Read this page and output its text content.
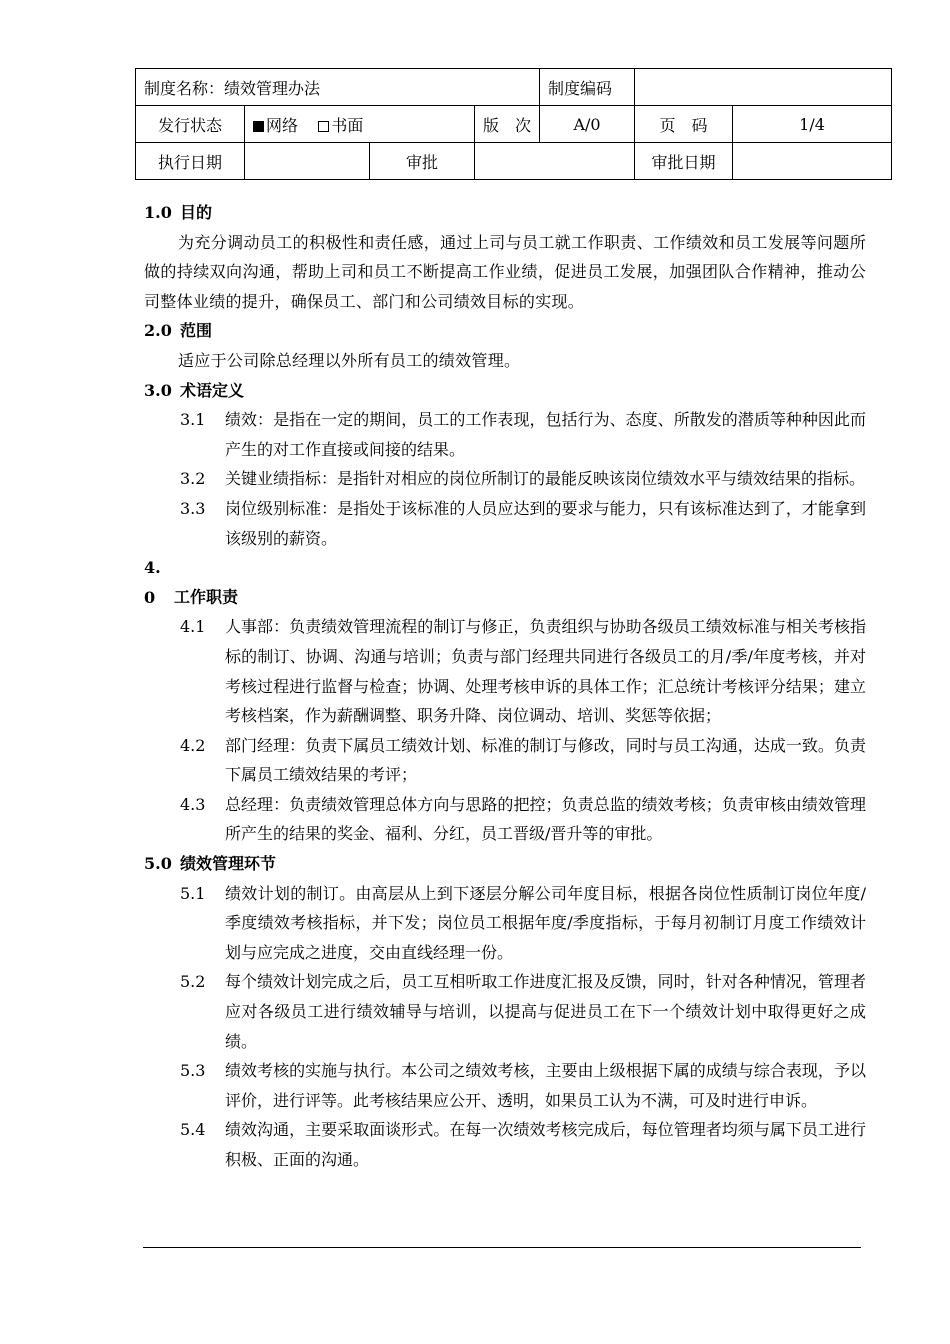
制度名称：绩效管理办法				制度编码		
发行状态	网络 书面		版　次	A/0	页　码	1/4
执行日期		审批			审批日期	
1.0 目的
为充分调动员工的积极性和责任感，通过上司与员工就工作职责、工作绩效和员工发展等问题所做的持续双向沟通，帮助上司和员工不断提高工作业绩，促进员工发展，加强团队合作精神，推动公司整体业绩的提升，确保员工、部门和公司绩效目标的实现。
2.0 范围
适应于公司除总经理以外所有员工的绩效管理。
3.0 术语定义
3.1	绩效：是指在一定的期间，员工的工作表现，包括行为、态度、所散发的潜质等种种因此而产生的对工作直接或间接的结果。
3.2	关键业绩指标：是指针对相应的岗位所制订的最能反映该岗位绩效水平与绩效结果的指标。
3.3	岗位级别标准：是指处于该标准的人员应达到的要求与能力，只有该标准达到了，才能拿到该级别的薪资。
4. 0 工作职责
4.1	人事部：负责绩效管理流程的制订与修正，负责组织与协助各级员工绩效标准与相关考核指标的制订、协调、沟通与培训；负责与部门经理共同进行各级员工的月/季/年度考核，并对考核过程进行监督与检查；协调、处理考核申诉的具体工作；汇总统计考核评分结果；建立考核档案，作为薪酬调整、职务升降、岗位调动、培训、奖惩等依据；
4.2	部门经理：负责下属员工绩效计划、标准的制订与修改，同时与员工沟通，达成一致。负责下属员工绩效结果的考评；
4.3	总经理：负责绩效管理总体方向与思路的把控；负责总监的绩效考核；负责审核由绩效管理所产生的结果的奖金、福利、分红，员工晋级/晋升等的审批。
5.0 绩效管理环节
5.1	绩效计划的制订。由高层从上到下逐层分解公司年度目标，根据各岗位性质制订岗位年度/季度绩效考核指标，并下发；岗位员工根据年度/季度指标，于每月初制订月度工作绩效计划与应完成之进度，交由直线经理一份。
5.2	每个绩效计划完成之后，员工互相听取工作进度汇报及反馈，同时，针对各种情况，管理者应对各级员工进行绩效辅导与培训，以提高与促进员工在下一个绩效计划中取得更好之成绩。
5.3	绩效考核的实施与执行。本公司之绩效考核，主要由上级根据下属的成绩与综合表现，予以评价，进行评等。此考核结果应公开、透明，如果员工认为不满，可及时进行申诉。
5.4	绩效沟通，主要采取面谈形式。在每一次绩效考核完成后，每位管理者均须与属下员工进行积极、正面的沟通。
